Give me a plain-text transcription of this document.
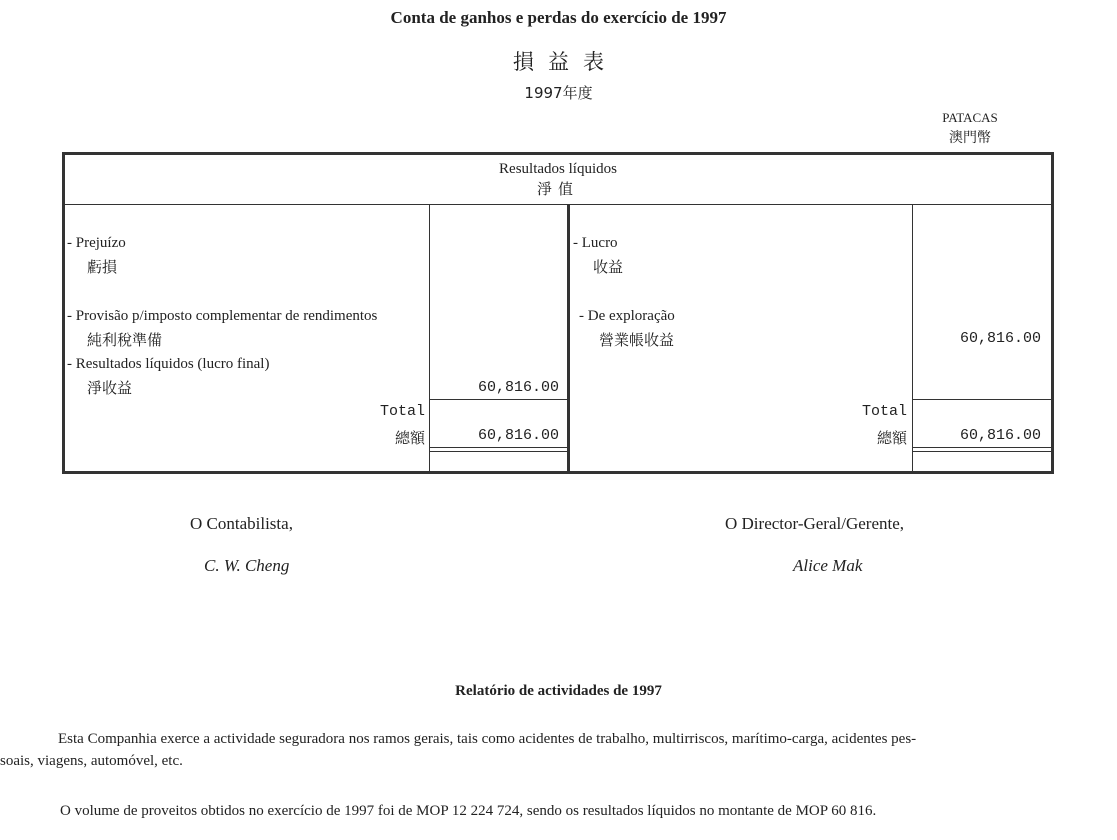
Conta de ganhos e perdas do exercício de 1997
損益表
1997年度
PATACAS
澳門幣
Resultados líquidos
淨值
- Prejuízo
虧損
- Provisão p/imposto complementar de rendimentos
純利稅準備
- Resultados líquidos (lucro final)
淨收益	60,816.00
Total
總額	60,816.00
- Lucro
收益
- De exploração
營業帳收益	60,816.00
Total
總額	60,816.00
O Contabilista,
C. W. Cheng
O Director-Geral/Gerente,
Alice Mak
Relatório de actividades de 1997
Esta Companhia exerce a actividade seguradora nos ramos gerais, tais como acidentes de trabalho, multirriscos, marítimo-carga, acidentes pes-
soais, viagens, automóvel, etc.
O volume de proveitos obtidos no exercício de 1997 foi de MOP 12 224 724, sendo os resultados líquidos no montante de MOP 60 816.
